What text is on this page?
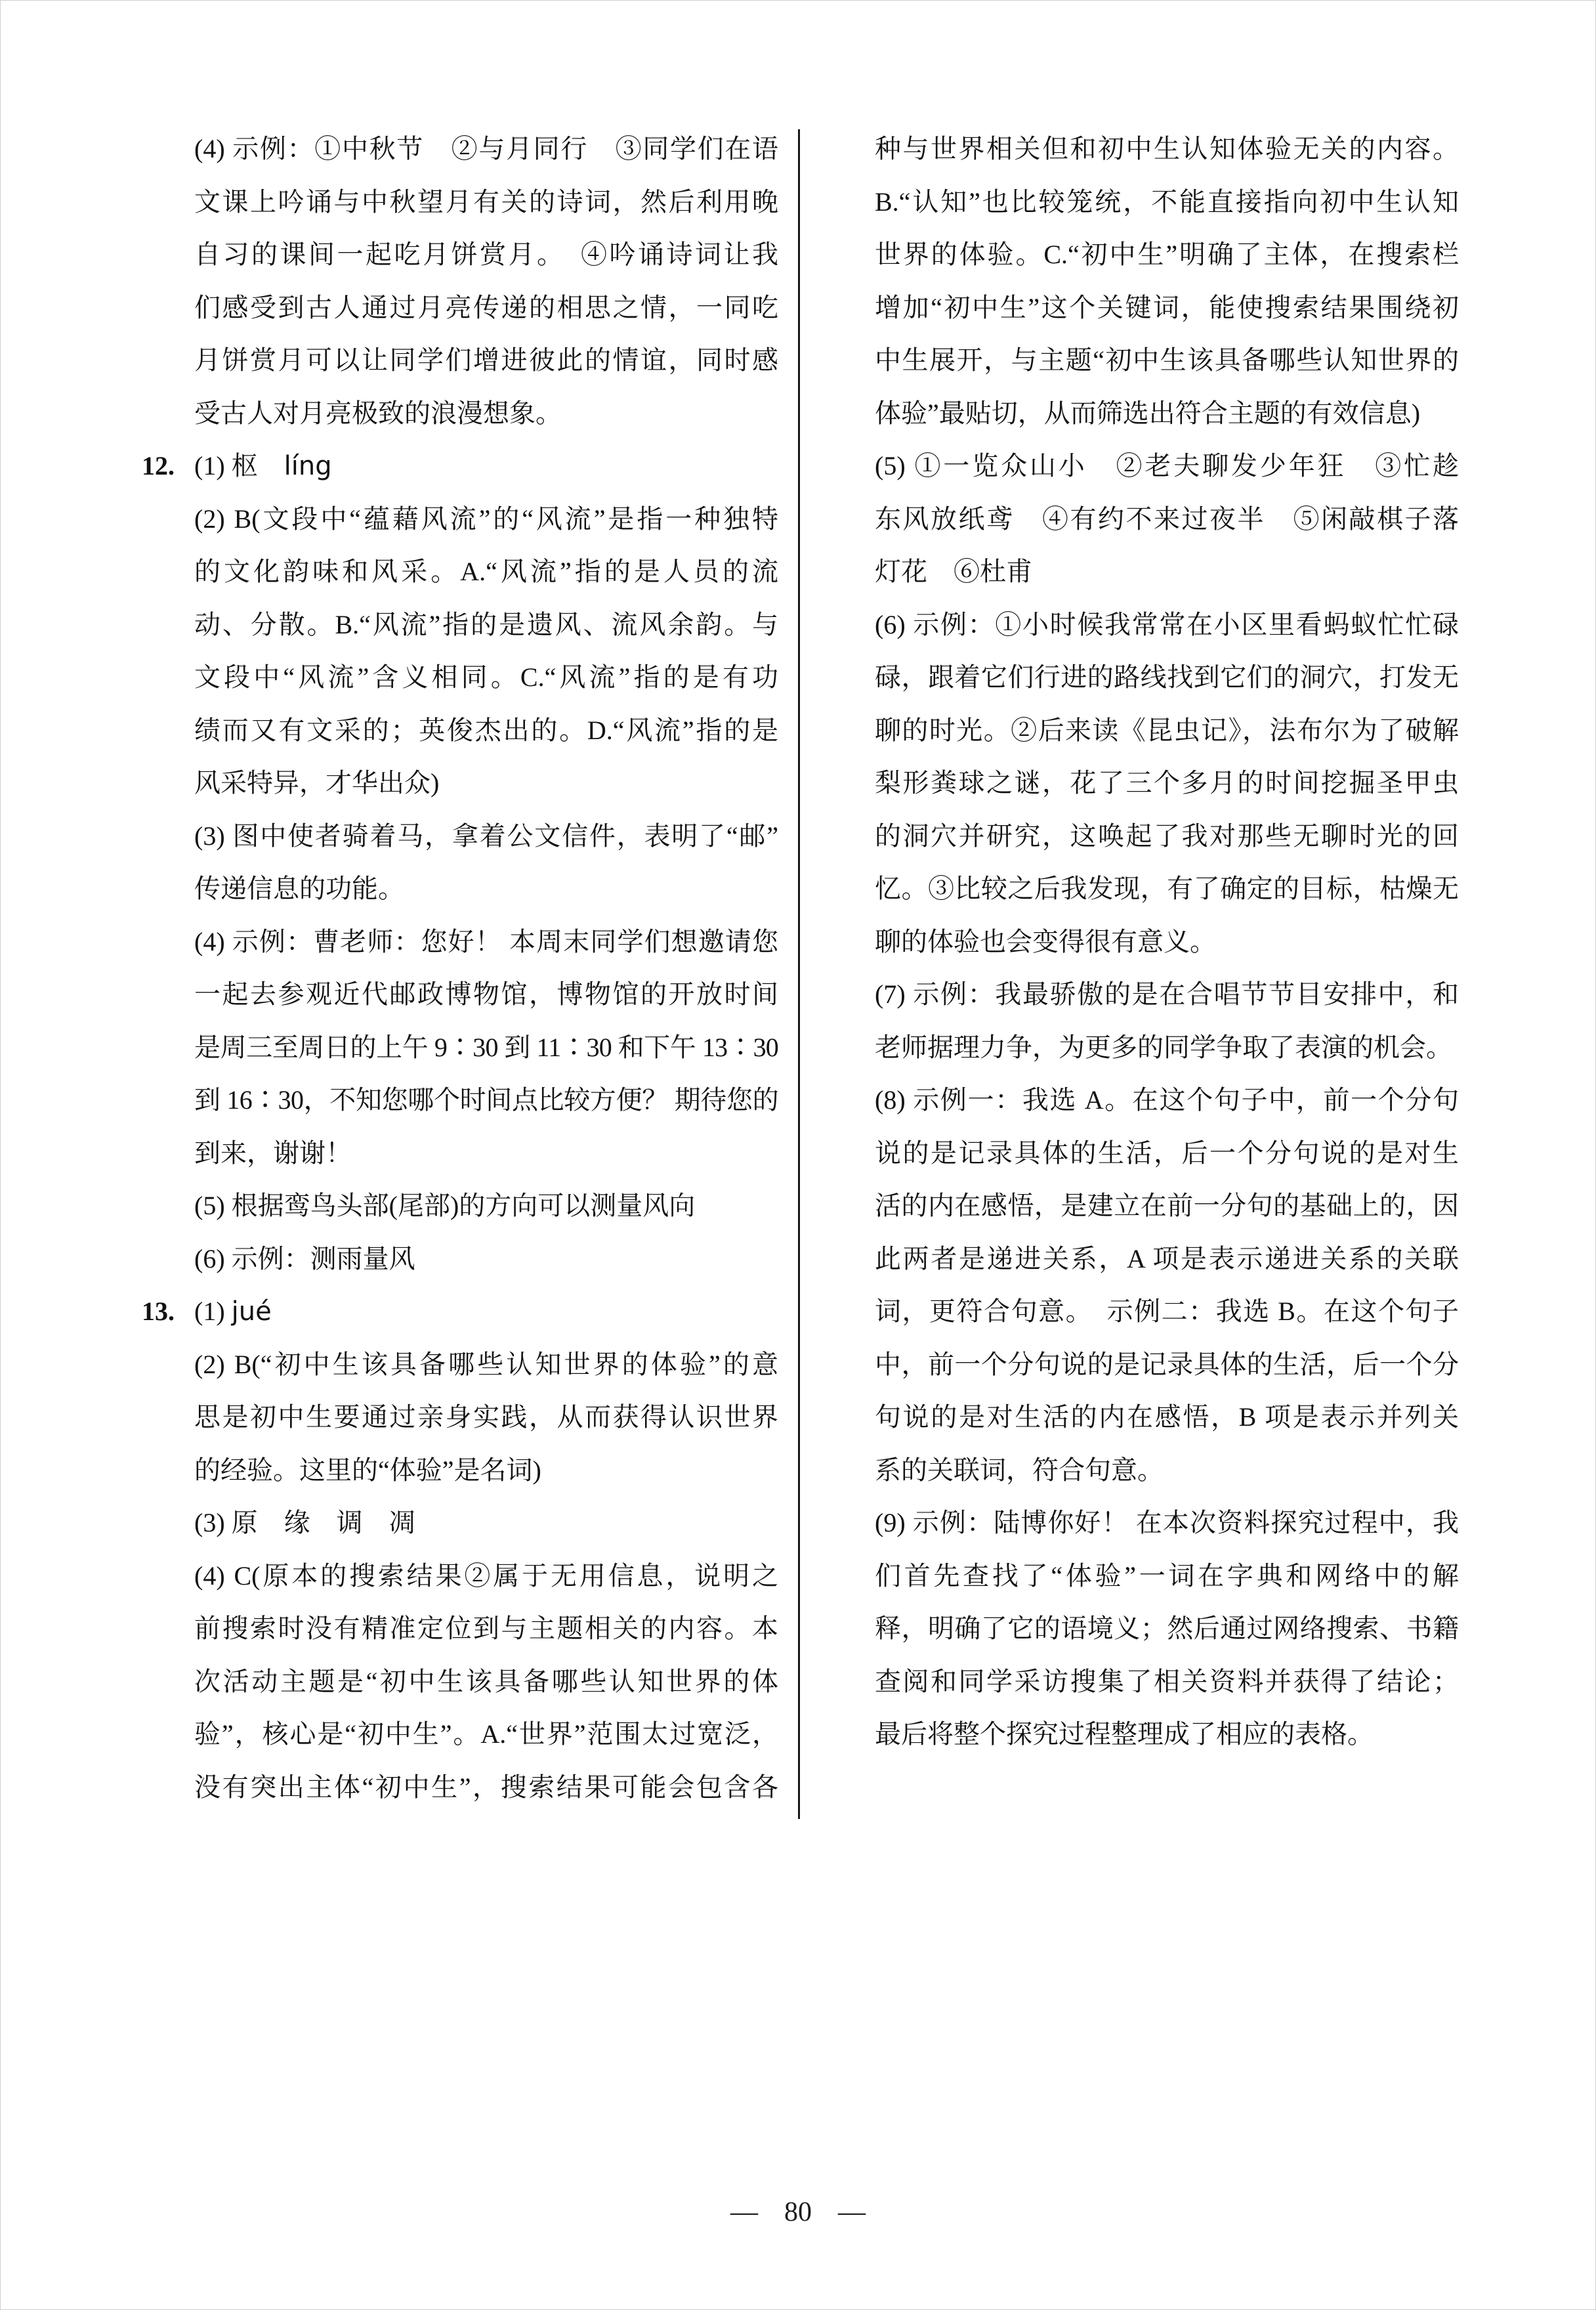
(4) 示例：①中秋节　②与月同行　③同学们在语
文课上吟诵与中秋望月有关的诗词，然后利用晚
自习的课间一起吃月饼赏月。　④吟诵诗词让我
们感受到古人通过月亮传递的相思之情，一同吃
月饼赏月可以让同学们增进彼此的情谊，同时感
受古人对月亮极致的浪漫想象。
12. (1) 枢　líng
(2) B(文段中“蕴藉风流”的“风流”是指一种独特
的文化韵味和风采。A.“风流”指的是人员的流
动、分散。B.“风流”指的是遗风、流风余韵。与
文段中“风流”含义相同。C.“风流”指的是有功
绩而又有文采的；英俊杰出的。D.“风流”指的是
风采特异，才华出众)
(3) 图中使者骑着马，拿着公文信件，表明了“邮”
传递信息的功能。
(4) 示例：曹老师：您好！ 本周末同学们想邀请您
一起去参观近代邮政博物馆，博物馆的开放时间
是周三至周日的上午 9∶30 到 11∶30 和下午 13∶30
到 16∶30，不知您哪个时间点比较方便？ 期待您的
到来，谢谢！
(5) 根据鸾鸟头部(尾部)的方向可以测量风向
(6) 示例：测雨量风
13. (1) jué
(2) B(“初中生该具备哪些认知世界的体验”的意
思是初中生要通过亲身实践，从而获得认识世界
的经验。这里的“体验”是名词)
(3) 原　缘　调　凋
(4) C(原本的搜索结果②属于无用信息，说明之
前搜索时没有精准定位到与主题相关的内容。本
次活动主题是“初中生该具备哪些认知世界的体
验”，核心是“初中生”。A.“世界”范围太过宽泛，
没有突出主体“初中生”，搜索结果可能会包含各
种与世界相关但和初中生认知体验无关的内容。
B.“认知”也比较笼统，不能直接指向初中生认知
世界的体验。C.“初中生”明确了主体，在搜索栏
增加“初中生”这个关键词，能使搜索结果围绕初
中生展开，与主题“初中生该具备哪些认知世界的
体验”最贴切，从而筛选出符合主题的有效信息)
(5) ①一览众山小　②老夫聊发少年狂　③忙趁
东风放纸鸢　④有约不来过夜半　⑤闲敲棋子落
灯花　⑥杜甫
(6) 示例：①小时候我常常在小区里看蚂蚁忙忙碌
碌，跟着它们行进的路线找到它们的洞穴，打发无
聊的时光。②后来读《昆虫记》，法布尔为了破解
梨形粪球之谜，花了三个多月的时间挖掘圣甲虫
的洞穴并研究，这唤起了我对那些无聊时光的回
忆。③比较之后我发现，有了确定的目标，枯燥无
聊的体验也会变得很有意义。
(7) 示例：我最骄傲的是在合唱节节目安排中，和
老师据理力争，为更多的同学争取了表演的机会。
(8) 示例一：我选 A。在这个句子中，前一个分句
说的是记录具体的生活，后一个分句说的是对生
活的内在感悟，是建立在前一分句的基础上的，因
此两者是递进关系，A 项是表示递进关系的关联
词，更符合句意。　示例二：我选 B。在这个句子
中，前一个分句说的是记录具体的生活，后一个分
句说的是对生活的内在感悟，B 项是表示并列关
系的关联词，符合句意。
(9) 示例：陆博你好！ 在本次资料探究过程中，我
们首先查找了“体验”一词在字典和网络中的解
释，明确了它的语境义；然后通过网络搜索、书籍
查阅和同学采访搜集了相关资料并获得了结论；
最后将整个探究过程整理成了相应的表格。
— 80 —
